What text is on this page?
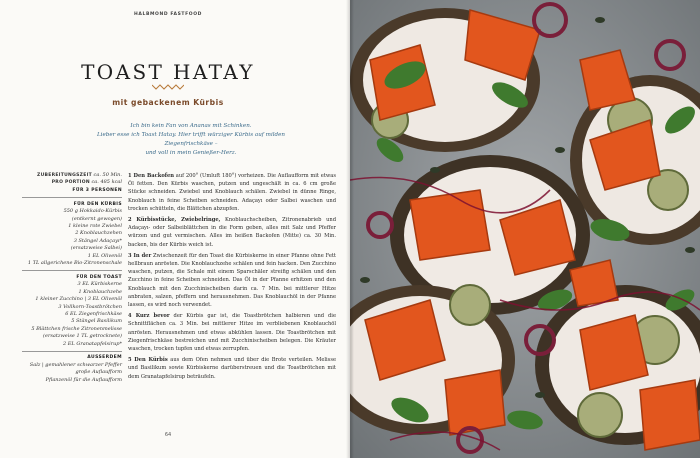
HALBMOND FASTFOOD
TOAST HATAY
mit gebackenem Kürbis
Ich bin kein Fan von Ananas mit Schinken.
Lieber esse ich Toast Hatay. Hier trifft würziger Kürbis auf milden Ziegenfrischkäse –
und voll in mein Genießer-Herz.
ZUBEREITUNGSZEIT ca. 50 Min.
PRO PORTION ca. 485 kcal
FÜR 3 PERSONEN
FÜR DEN KÜRBIS
550 g Hokkaido-Kürbis
(entkernt gewogen)
1 kleine rote Zwiebel
2 Knoblauchzehen
3 Stängel Adaçayı*
(ersatzweise Salbei)
1 EL Olivenöl
1 TL allgerichene Bio-Zitronenschale
FÜR DEN TOAST
3 EL Kürbiskerne
1 Knoblauchzehe
1 kleiner Zucchino | 3 EL Olivenöl
3 Vollkorn-Toastbrötchen
6 EL Ziegenfrischkäse
5 Stängel Basilikum
5 Blättchen frische Zitronenmelisse
(ersatzweise 1 TL getrocknete)
2 EL Granatapfelsirup*
AUSSERDEM
Salz | gemahlener schwarzer Pfeffer
große Auflaufform
Pflanzenöl für die Auflaufform

1 Den Backofen auf 200° (Umluft 180°) vorheizen. Die Auflaufform mit etwas Öl fetten. Den Kürbis waschen, putzen und ungeschält in ca. 6 cm große Stücke schneiden. Zwiebel und Knoblauch schälen. Zwiebel in dünne Ringe, Knoblauch in feine Scheiben schneiden. Adaçayı oder Salbei waschen und trocken schütteln, die Blättchen abzupfen.

2 Kürbisstücke, Zwiebelringe, Knoblauchscheiben, Zitronenabrieb und Adaçayı- oder Salbeiblättchen in die Form geben, alles mit Salz und Pfeffer würzen und gut vermischen. Alles im heißen Backofen (Mitte) ca. 30 Min. backen, bis der Kürbis weich ist.

3 In der Zwischenzeit für den Toast die Kürbiskerne in einer Pfanne ohne Fett hellbraun anrösten. Die Knoblauchzehe schälen und fein hacken. Den Zucchino waschen, putzen, die Schale mit einem Sparschäler streifig schälen und den Zucchino in feine Scheiben schneiden. Das Öl in der Pfanne erhitzen und den Knoblauch mit den Zucchinischeiben darin ca. 7 Min. bei mittlerer Hitze anbraten, salzen, pfeffern und herausnehmen. Das Knoblauchöl in der Pfanne lassen, es wird noch verwendet.

4 Kurz bevor der Kürbis gar ist, die Toastbrötchen halbieren und die Schnittflächen ca. 3 Min. bei mittlerer Hitze im verbliebenen Knoblauchöl anrösten. Herausnehmen und etwas abkühlen lassen. Die Toastbrötchen mit Ziegenfrischkäse bestreichen und mit Zucchinischeiben belegen. Die Kräuter waschen, trocken tupfen und etwas zerrupfen.

5 Den Kürbis aus dem Ofen nehmen und über die Brote verteilen. Melisse und Basilikum sowie Kürbiskerne darüberstreuen und die Toastbrötchen mit dem Granatapfelsirup beträufeln.

64
